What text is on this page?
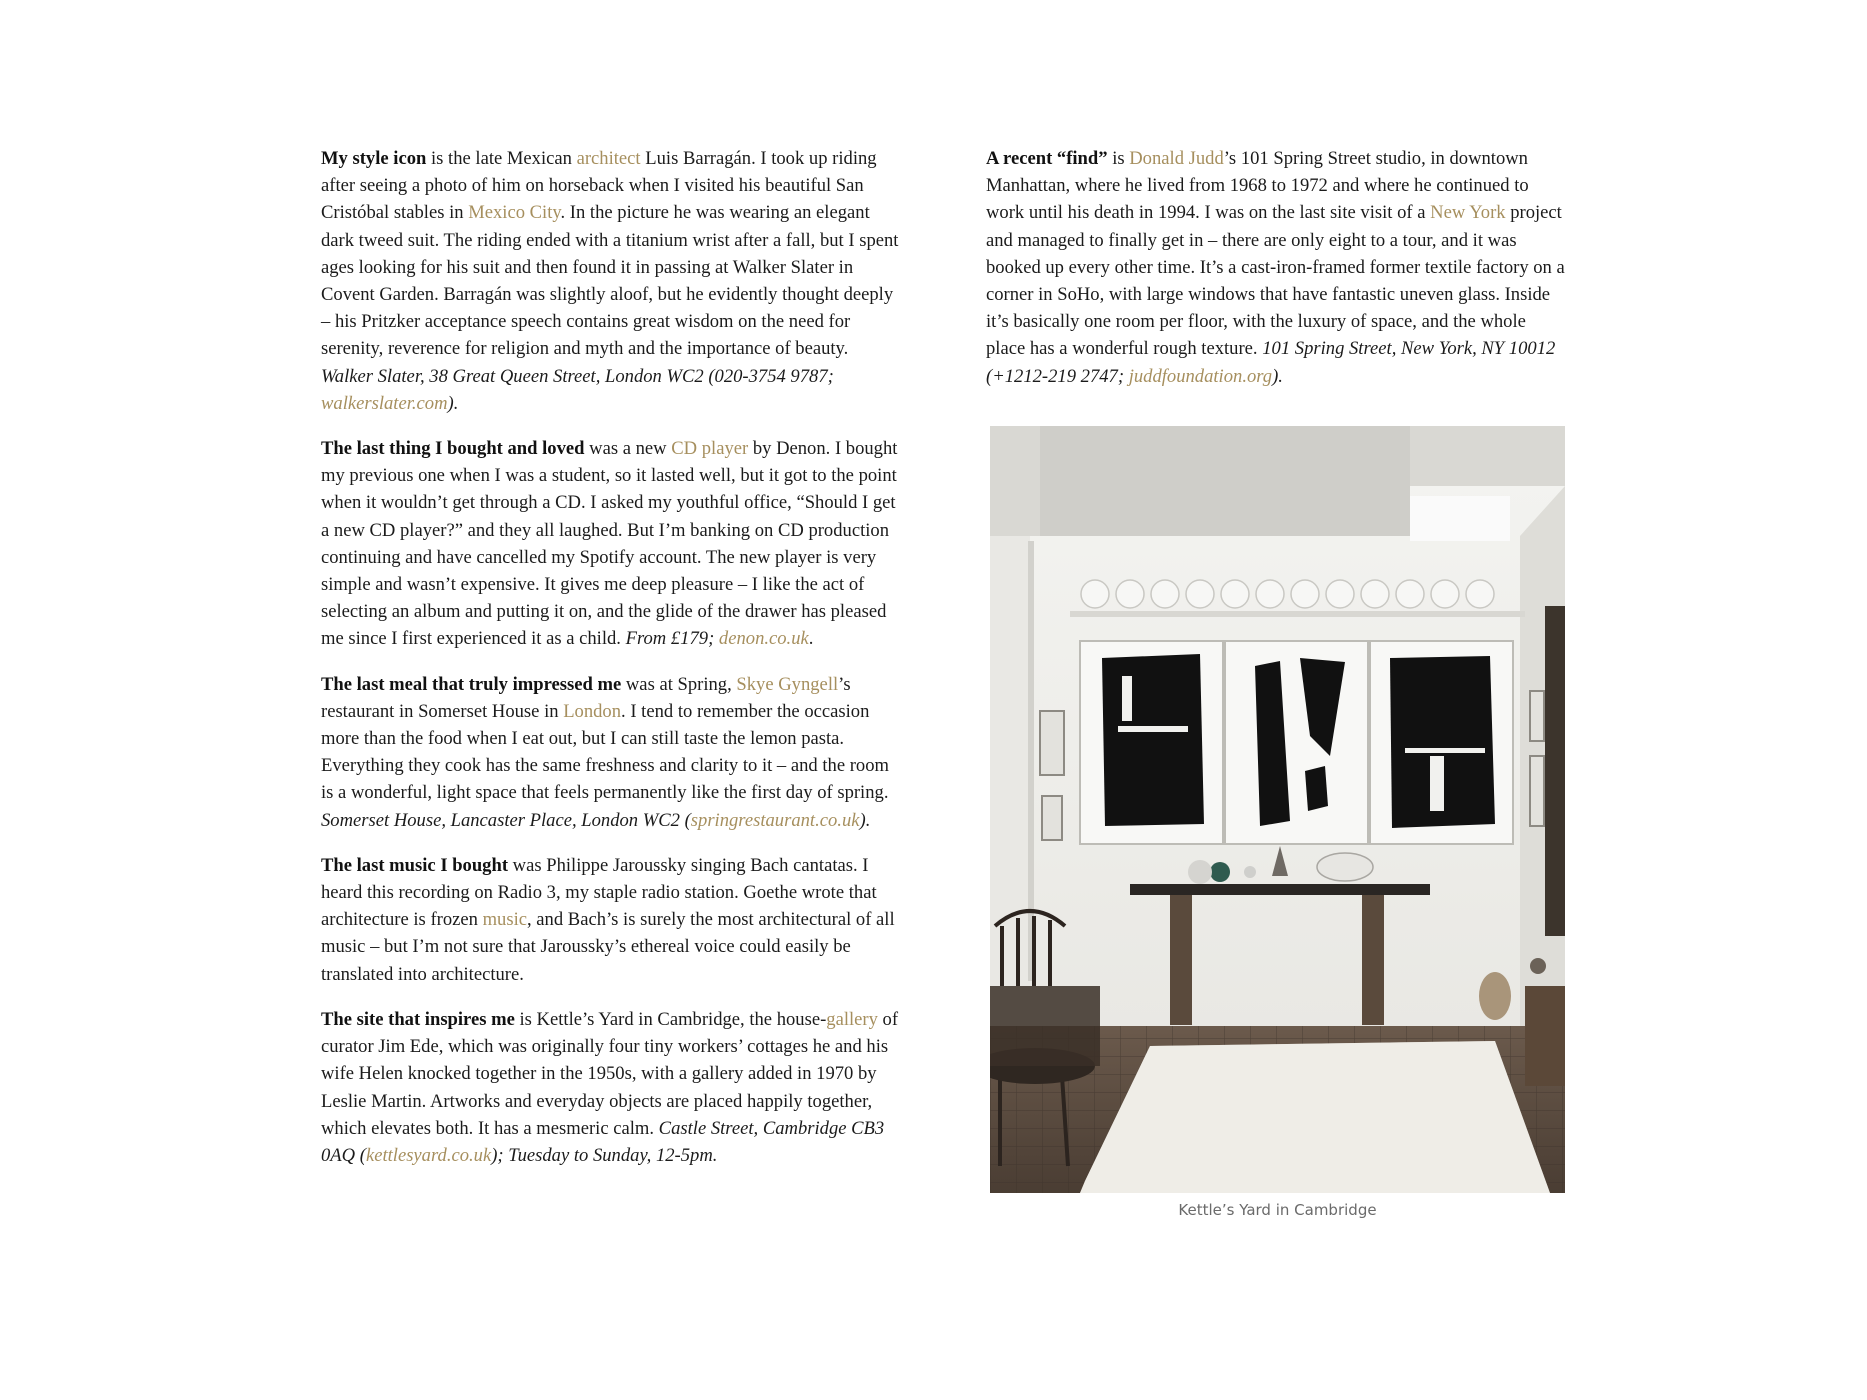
My style icon is the late Mexican architect Luis Barragán. I took up riding after seeing a photo of him on horseback when I visited his beautiful San Cristóbal stables in Mexico City. In the picture he was wearing an elegant dark tweed suit. The riding ended with a titanium wrist after a fall, but I spent ages looking for his suit and then found it in passing at Walker Slater in Covent Garden. Barragán was slightly aloof, but he evidently thought deeply – his Pritzker acceptance speech contains great wisdom on the need for serenity, reverence for religion and myth and the importance of beauty. Walker Slater, 38 Great Queen Street, London WC2 (020-3754 9787; walkerslater.com).

The last thing I bought and loved was a new CD player by Denon. I bought my previous one when I was a student, so it lasted well, but it got to the point when it wouldn’t get through a CD. I asked my youthful office, “Should I get a new CD player?” and they all laughed. But I’m banking on CD production continuing and have cancelled my Spotify account. The new player is very simple and wasn’t expensive. It gives me deep pleasure – I like the act of selecting an album and putting it on, and the glide of the drawer has pleased me since I first experienced it as a child. From £179; denon.co.uk.

The last meal that truly impressed me was at Spring, Skye Gyngell’s restaurant in Somerset House in London. I tend to remember the occasion more than the food when I eat out, but I can still taste the lemon pasta. Everything they cook has the same freshness and clarity to it – and the room is a wonderful, light space that feels permanently like the first day of spring. Somerset House, Lancaster Place, London WC2 (springrestaurant.co.uk).

The last music I bought was Philippe Jaroussky singing Bach cantatas. I heard this recording on Radio 3, my staple radio station. Goethe wrote that architecture is frozen music, and Bach’s is surely the most architectural of all music – but I’m not sure that Jaroussky’s ethereal voice could easily be translated into architecture.

The site that inspires me is Kettle’s Yard in Cambridge, the house-gallery of curator Jim Ede, which was originally four tiny workers’ cottages he and his wife Helen knocked together in the 1950s, with a gallery added in 1970 by Leslie Martin. Artworks and everyday objects are placed happily together, which elevates both. It has a mesmeric calm. Castle Street, Cambridge CB3 0AQ (kettlesyard.co.uk); Tuesday to Sunday, 12-5pm.

A recent “find” is Donald Judd’s 101 Spring Street studio, in downtown Manhattan, where he lived from 1968 to 1972 and where he continued to work until his death in 1994. I was on the last site visit of a New York project and managed to finally get in – there are only eight to a tour, and it was booked up every other time. It’s a cast-iron-framed former textile factory on a corner in SoHo, with large windows that have fantastic uneven glass. Inside it’s basically one room per floor, with the luxury of space, and the whole place has a wonderful rough texture. 101 Spring Street, New York, NY 10012 (+1212-219 2747; juddfoundation.org).

Kettle’s Yard in Cambridge
